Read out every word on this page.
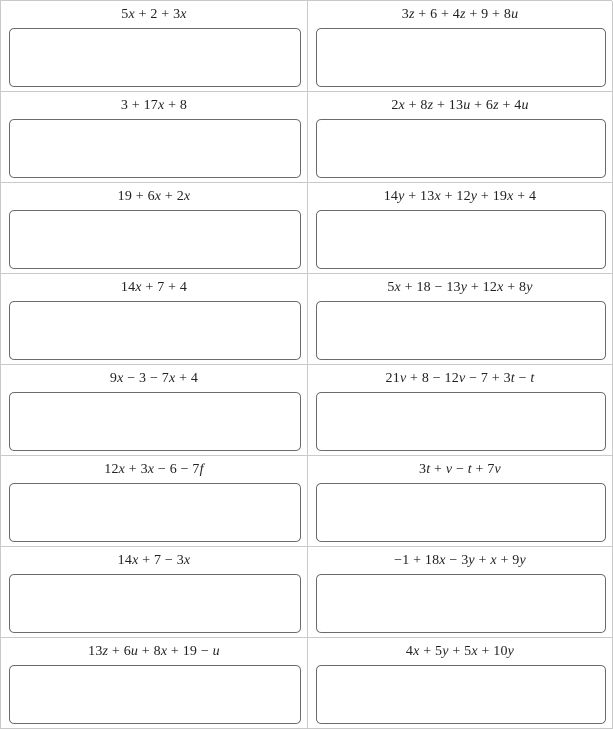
5x + 2 + 3x	3z + 6 + 4z + 9 + 8u
3 + 17x + 8	2x + 8z + 13u + 6z + 4u
19 + 6x + 2x	14y + 13x + 12y + 19x + 4
14x + 7 + 4	5x + 18 − 13y + 12x + 8y
9x − 3 − 7x + 4	21v + 8 − 12v − 7 + 3t − t
12x + 3x − 6 − 7f	3t + v − t + 7v
14x + 7 − 3x	−1 + 18x − 3y + x + 9y
13z + 6u + 8x + 19 − u	4x + 5y + 5x + 10y
